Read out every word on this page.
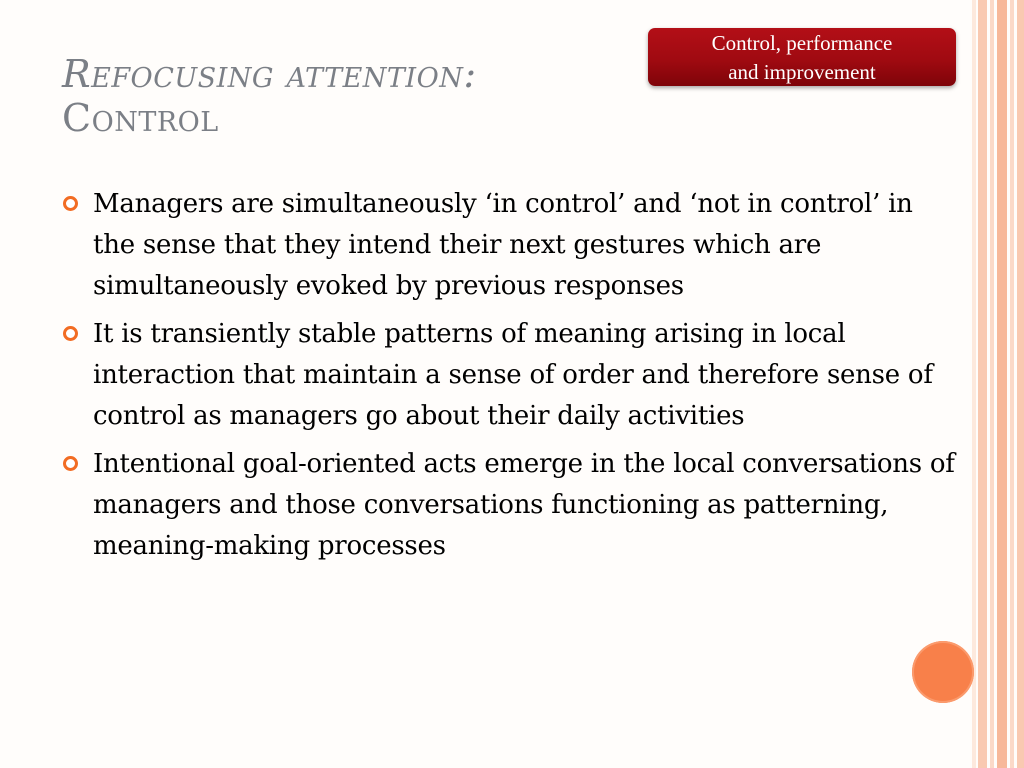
Refocusing attention:
Control
Control, performance
and improvement
Managers are simultaneously ‘in control’ and ‘not in control’ in the sense that they intend their next gestures which are simultaneously evoked by previous responses
It is transiently stable patterns of meaning arising in local interaction that maintain a sense of order and therefore sense of control as managers go about their daily activities
Intentional goal-oriented acts emerge in the local conversations of managers and those conversations functioning as patterning, meaning-making processes
